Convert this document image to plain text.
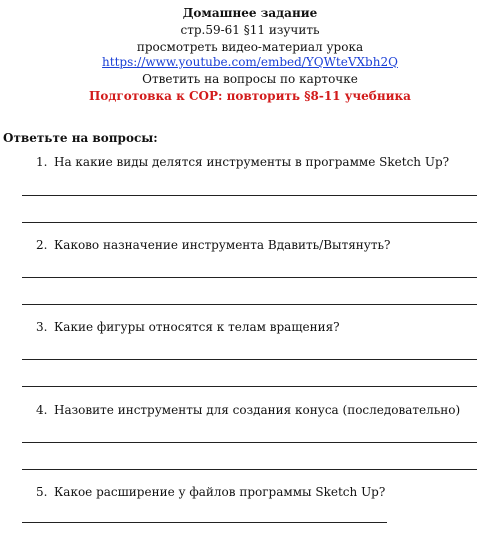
Домашнее задание
стр.59-61 §11 изучить
просмотреть видео-материал урока
https://www.youtube.com/embed/YQWteVXbh2Q
Ответить на вопросы по карточке
Подготовка к СОР: повторить §8-11 учебника
Ответьте на вопросы:
1. На какие виды делятся инструменты в программе Sketch Up?
2. Каково назначение инструмента Вдавить/Вытянуть?
3. Какие фигуры относятся к телам вращения?
4. Назовите инструменты для создания конуса (последовательно)
5. Какое расширение у файлов программы Sketch Up?
